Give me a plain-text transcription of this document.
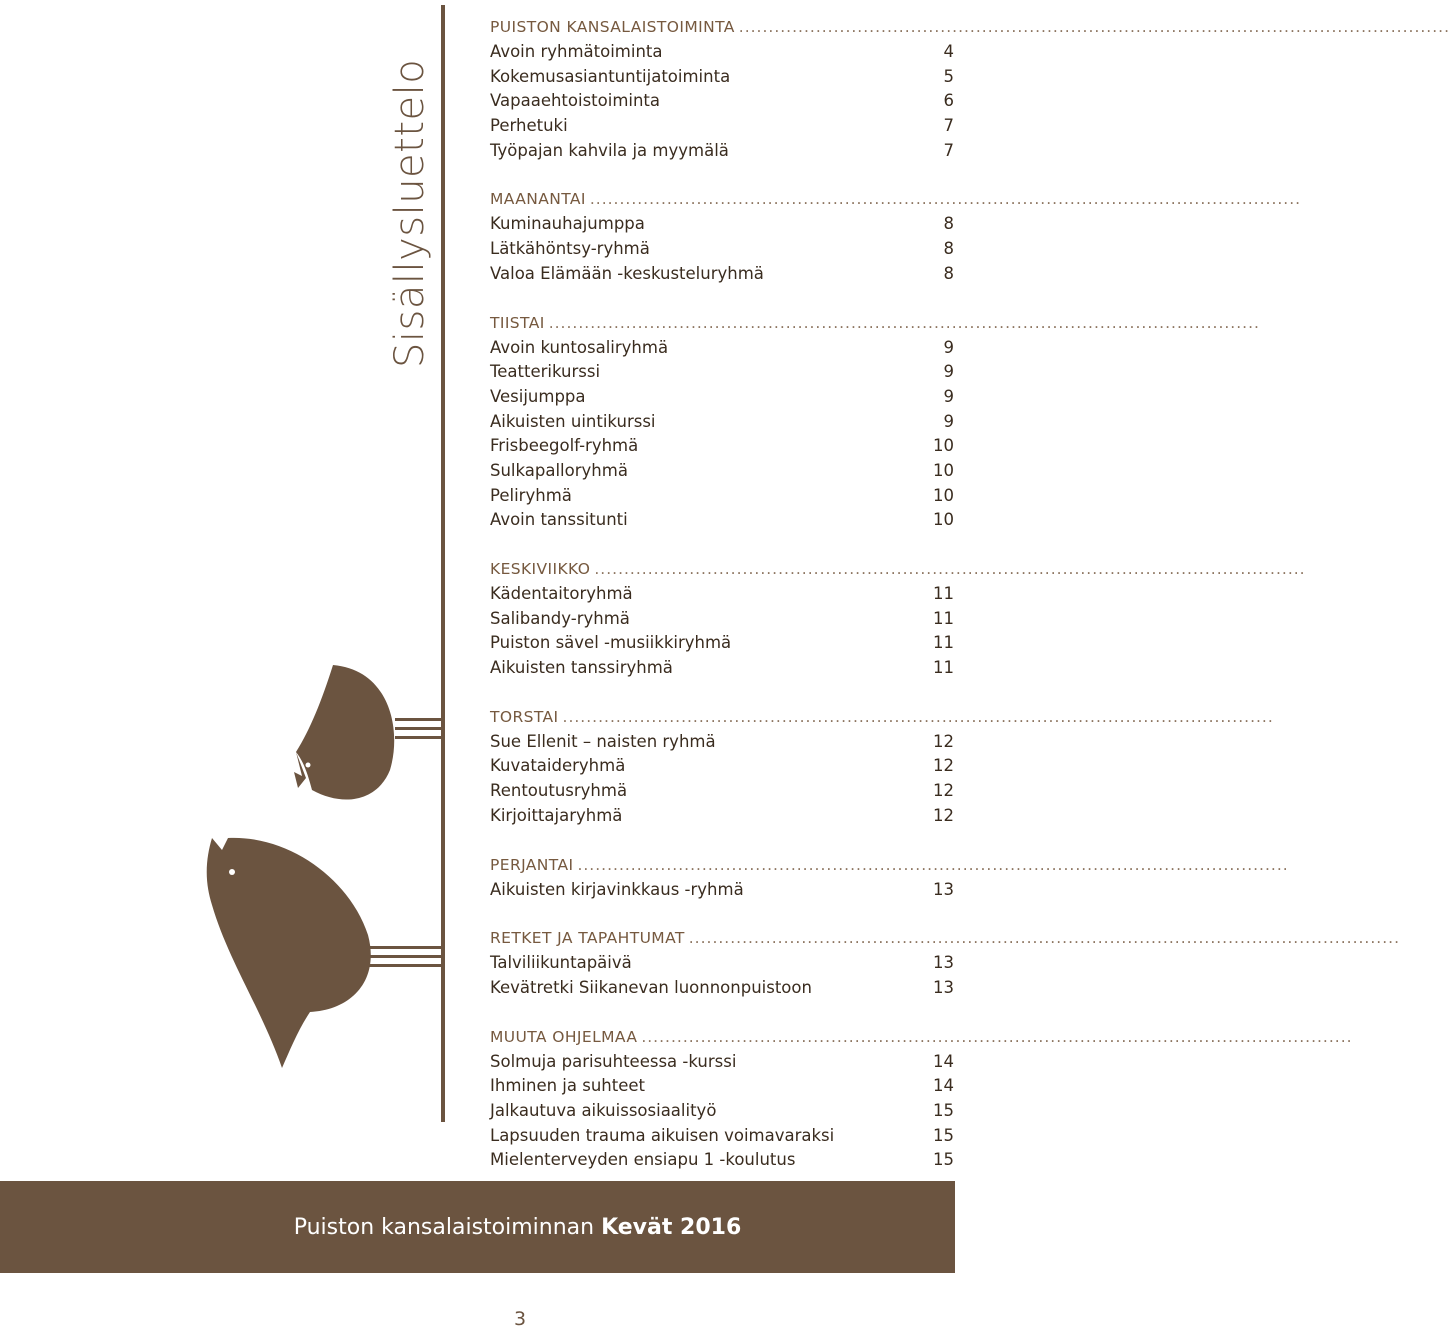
Sisällysluettelo
PUISTON KANSALAISTOIMINTA ........................................................................................................................
Avoin ryhmätoiminta	4
Kokemusasiantuntijatoiminta	5
Vapaaehtoistoiminta	6
Perhetuki	7
Työpajan kahvila ja myymälä	7
MAANANTAI ........................................................................................................................
Kuminauhajumppa	8
Lätkähöntsy-ryhmä	8
Valoa Elämään -keskusteluryhmä	8
TIISTAI ........................................................................................................................
Avoin kuntosaliryhmä	9
Teatterikurssi	9
Vesijumppa	9
Aikuisten uintikurssi	9
Frisbeegolf-ryhmä	10
Sulkapalloryhmä	10
Peliryhmä	10
Avoin tanssitunti	10
KESKIVIIKKO ........................................................................................................................
Kädentaitoryhmä	11
Salibandy-ryhmä	11
Puiston sävel -musiikkiryhmä	11
Aikuisten tanssiryhmä	11
TORSTAI ........................................................................................................................
Sue Ellenit – naisten ryhmä	12
Kuvataideryhmä	12
Rentoutusryhmä	12
Kirjoittajaryhmä	12
PERJANTAI ........................................................................................................................
Aikuisten kirjavinkkaus -ryhmä	13
RETKET JA TAPAHTUMAT ........................................................................................................................
Talviliikuntapäivä	13
Kevätretki Siikanevan luonnonpuistoon	13
MUUTA OHJELMAA ........................................................................................................................
Solmuja parisuhteessa -kurssi	14
Ihminen ja suhteet	14
Jalkautuva aikuissosiaalityö	15
Lapsuuden trauma aikuisen voimavaraksi	15
Mielenterveyden ensiapu 1 -koulutus	15
Puiston kansalaistoiminnan Kevät 2016
3
